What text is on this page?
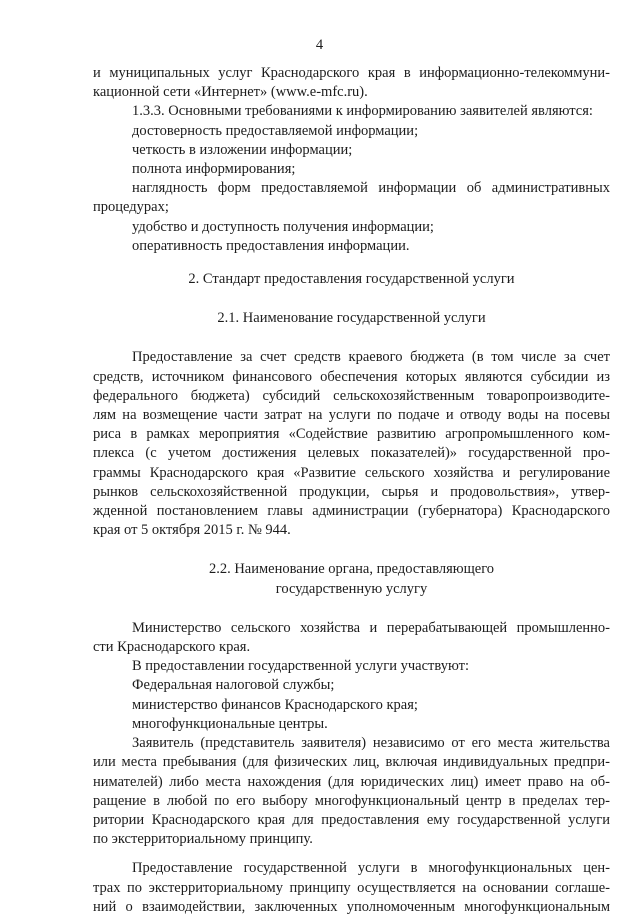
4

и муниципальных услуг Краснодарского края в информационно-телекоммуни-

кационной сети «Интернет» (www.e-mfc.ru).

1.3.3. Основными требованиями к информированию заявителей являются:

достоверность предоставляемой информации;

четкость в изложении информации;

полнота информирования;

наглядность форм предоставляемой информации об административных

процедурах;

удобство и доступность получения информации;

оперативность предоставления информации.

2. Стандарт предоставления государственной услуги

2.1. Наименование государственной услуги

Предоставление за счет средств краевого бюджета (в том числе за счет

средств, источником финансового обеспечения которых являются субсидии из

федерального бюджета) субсидий сельскохозяйственным товаропроизводите-

лям на возмещение части затрат на услуги по подаче и отводу воды на посевы

риса в рамках мероприятия «Содействие развитию агропромышленного ком-

плекса (с учетом достижения целевых показателей)» государственной про-

граммы Краснодарского края «Развитие сельского хозяйства и регулирование

рынков сельскохозяйственной продукции, сырья и продовольствия», утвер-

жденной постановлением главы администрации (губернатора) Краснодарского

края от 5 октября 2015 г. № 944.

2.2. Наименование органа, предоставляющего

государственную услугу

Министерство сельского хозяйства и перерабатывающей промышленно-

сти Краснодарского края.

В предоставлении государственной услуги участвуют:

Федеральная налоговой службы;

министерство финансов Краснодарского края;

многофункциональные центры.

Заявитель (представитель заявителя) независимо от его места жительства

или места пребывания (для физических лиц, включая индивидуальных предпри-

нимателей) либо места нахождения (для юридических лиц) имеет право на об-

ращение в любой по его выбору многофункциональный центр в пределах тер-

ритории Краснодарского края для предоставления ему государственной услуги

по экстерриториальному принципу.

Предоставление государственной услуги в многофункциональных цен-

трах по экстерриториальному принципу осуществляется на основании соглаше-

ний о взаимодействии, заключенных уполномоченным многофункциональным
